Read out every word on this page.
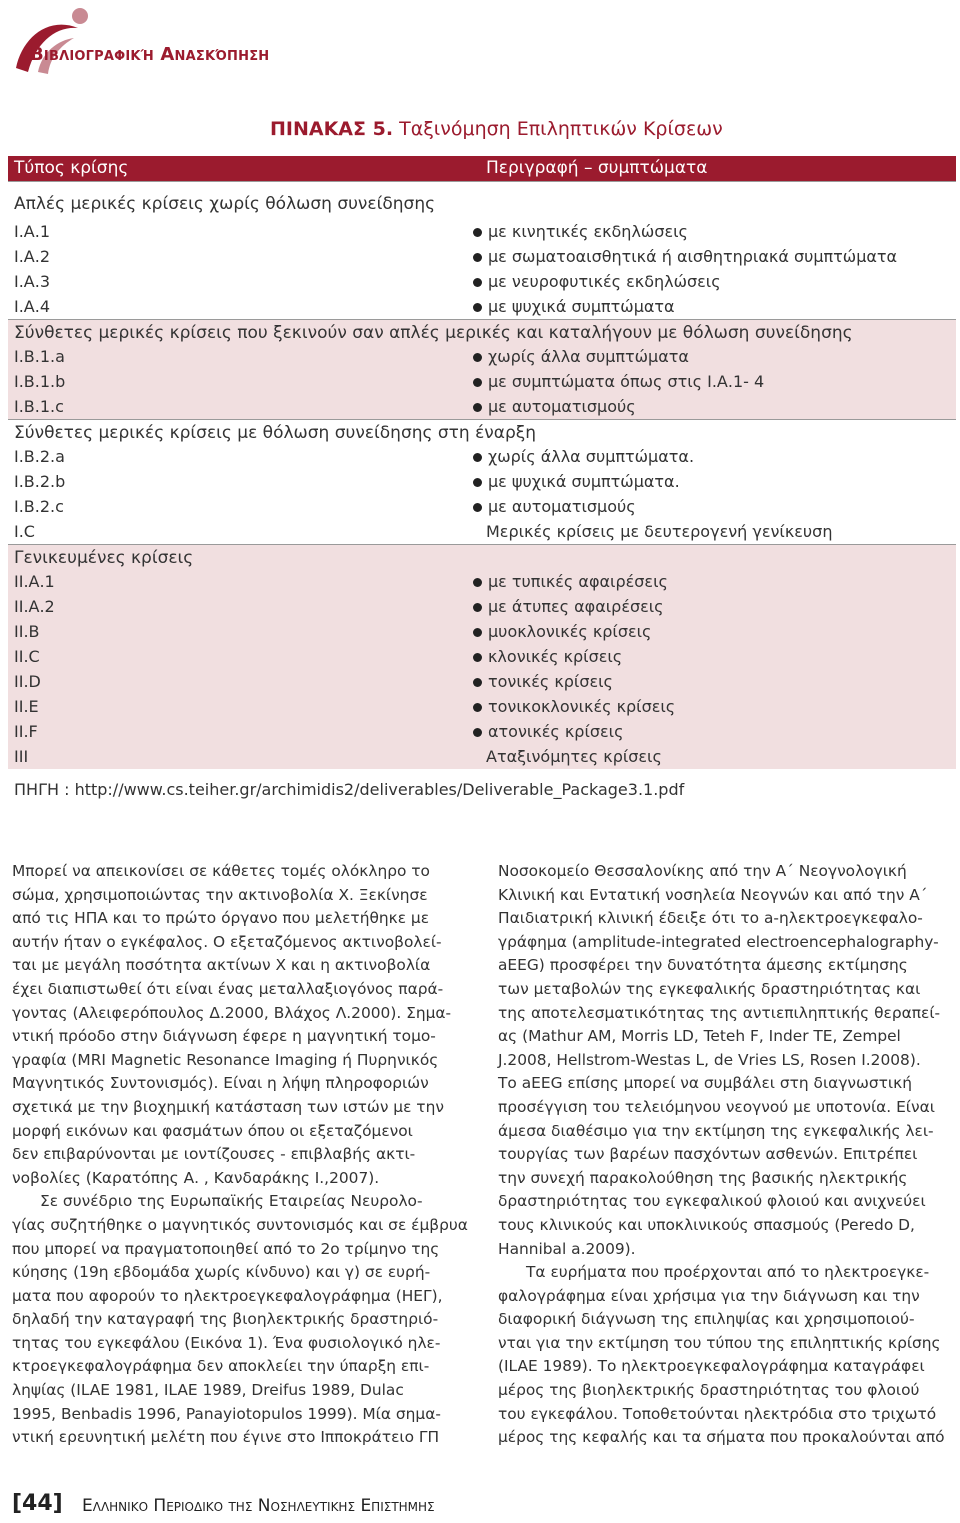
Βιβλιογραφική Ανασκόπηση
ΠΙΝΑΚΑΣ 5. Ταξινόμηση Επιληπτικών Κρίσεων
Τύπος κρίσης	Περιγραφή – συμπτώματα
Απλές μερικές κρίσεις χωρίς θόλωση συνείδησης
Ι.Α.1	με κινητικές εκδηλώσεις
Ι.Α.2	με σωματοαισθητικά ή αισθητηριακά συμπτώματα
Ι.Α.3	με νευροφυτικές εκδηλώσεις
Ι.Α.4	με ψυχικά συμπτώματα
Σύνθετες μερικές κρίσεις που ξεκινούν σαν απλές μερικές και καταλήγουν με θόλωση συνείδησης
Ι.Β.1.a	χωρίς άλλα συμπτώματα
Ι.Β.1.b	με συμπτώματα όπως στις Ι.Α.1- 4
Ι.Β.1.c	με αυτοματισμούς
Σύνθετες μερικές κρίσεις με θόλωση συνείδησης στη έναρξη
Ι.Β.2.a	χωρίς άλλα συμπτώματα.
Ι.Β.2.b	με ψυχικά συμπτώματα.
Ι.Β.2.c	με αυτοματισμούς
Ι.C	Μερικές κρίσεις με δευτερογενή γενίκευση
Γενικευμένες κρίσεις
ΙΙ.Α.1	με τυπικές αφαιρέσεις
ΙΙ.Α.2	με άτυπες αφαιρέσεις
ΙΙ.Β	μυοκλονικές κρίσεις
ΙΙ.C	κλονικές κρίσεις
ΙΙ.D	τονικές κρίσεις
ΙΙ.E	τονικοκλονικές κρίσεις
ΙΙ.F	ατονικές κρίσεις
ΙΙΙ	Αταξινόμητες κρίσεις
ΠΗΓΗ : http://www.cs.teiher.gr/archimidis2/deliverables/Deliverable_Package3.1.pdf
Μπορεί να απεικονίσει σε κάθετες τομές ολόκληρο το
σώμα, χρησιμοποιώντας την ακτινοβολία Χ. Ξεκίνησε
από τις ΗΠΑ και το πρώτο όργανο που μελετήθηκε με
αυτήν ήταν ο εγκέφαλος. Ο εξεταζόμενος ακτινοβολεί-
ται με μεγάλη ποσότητα ακτίνων Χ και η ακτινοβολία
έχει διαπιστωθεί ότι είναι ένας μεταλλαξιογόνος παρά-
γοντας (Αλειφερόπουλος Δ.2000, Βλάχος Λ.2000). Σημα-
ντική πρόοδο στην διάγνωση έφερε η μαγνητική τομο-
γραφία (MRI Magnetic Resonance Imaging ή Πυρηνικός
Μαγνητικός Συντονισμός). Είναι η λήψη πληροφοριών
σχετικά με την βιοχημική κατάσταση των ιστών με την
μορφή εικόνων και φασμάτων όπου οι εξεταζόμενοι
δεν επιβαρύνονται με ιοντίζουσες - επιβλαβής ακτι-
νοβολίες (Καρατόπης Α. , Κανδαράκης Ι.,2007).
Σε συνέδριο της Ευρωπαϊκής Εταιρείας Νευρολο-
γίας συζητήθηκε ο μαγνητικός συντονισμός και σε έμβρυα
που μπορεί να πραγματοποιηθεί από το 2ο τρίμηνο της
κύησης (19η εβδομάδα χωρίς κίνδυνο) και γ) σε ευρή-
ματα που αφορούν το ηλεκτροεγκεφαλογράφημα (ΗΕΓ),
δηλαδή την καταγραφή της βιοηλεκτρικής δραστηριό-
τητας του εγκεφάλου (Εικόνα 1). Ένα φυσιολογικό ηλε-
κτροεγκεφαλογράφημα δεν αποκλείει την ύπαρξη επι-
ληψίας (ILAE 1981, ILAE 1989, Dreifus 1989, Dulac
1995, Benbadis 1996, Panayiotopulos 1999). Μία σημα-
ντική ερευνητική μελέτη που έγινε στο Ιπποκράτειο ΓΠ
Νοσοκομείο Θεσσαλονίκης από την Α΄ Νεογνολογική
Κλινική και Εντατική νοσηλεία Νεογνών και από την Α΄
Παιδιατρική κλινική έδειξε ότι το a-ηλεκτροεγκεφαλο-
γράφημα (amplitude-integrated electroencephalography-
aEEG) προσφέρει την δυνατότητα άμεσης εκτίμησης
των μεταβολών της εγκεφαλικής δραστηριότητας και
της αποτελεσματικότητας της αντιεπιληπτικής θεραπεί-
ας (Mathur AM, Morris LD, Teteh F, Inder TE, Zempel
J.2008, Hellstrom-Westas L, de Vries LS, Rosen I.2008).
Το aEEG επίσης μπορεί να συμβάλει στη διαγνωστική
προσέγγιση του τελειόμηνου νεογνού με υποτονία. Είναι
άμεσα διαθέσιμο για την εκτίμηση της εγκεφαλικής λει-
τουργίας των βαρέων πασχόντων ασθενών. Επιτρέπει
την συνεχή παρακολούθηση της βασικής ηλεκτρικής
δραστηριότητας του εγκεφαλικού φλοιού και ανιχνεύει
τους κλινικούς και υποκλινικούς σπασμούς (Peredo D,
Hannibal a.2009).
Τα ευρήματα που προέρχονται από το ηλεκτροεγκε-
φαλογράφημα είναι χρήσιμα για την διάγνωση και την
διαφορική διάγνωση της επιληψίας και χρησιμοποιού-
νται για την εκτίμηση του τύπου της επιληπτικής κρίσης
(ILAE 1989). Το ηλεκτροεγκεφαλογράφημα καταγράφει
μέρος της βιοηλεκτρικής δραστηριότητας του φλοιού
του εγκεφάλου. Τοποθετούνται ηλεκτρόδια στο τριχωτό
μέρος της κεφαλής και τα σήματα που προκαλούνται από
[44] Ελληνικο Περιοδικο της Νοσηλευτικης Επιστημης
